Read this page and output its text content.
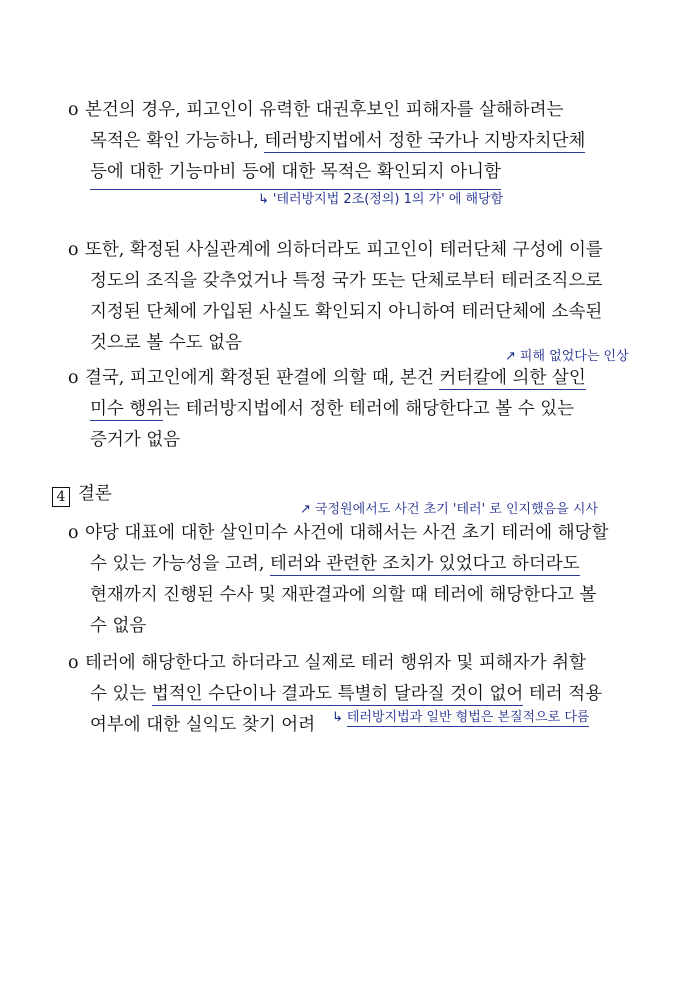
o 본건의 경우, 피고인이 유력한 대권후보인 피해자를 살해하려는
목적은 확인 가능하나, 테러방지법에서 정한 국가나 지방자치단체
등에 대한 기능마비 등에 대한 목적은 확인되지 아니함
↳ '테러방지법 2조(정의) 1의 가' 에 해당함
o 또한, 확정된 사실관계에 의하더라도 피고인이 테러단체 구성에 이를
정도의 조직을 갖추었거나 특정 국가 또는 단체로부터 테러조직으로
지정된 단체에 가입된 사실도 확인되지 아니하여 테러단체에 소속된
것으로 볼 수도 없음
↗ 피해 없었다는 인상
o 결국, 피고인에게 확정된 판결에 의할 때, 본건 커터칼에 의한 살인
미수 행위는 테러방지법에서 정한 테러에 해당한다고 볼 수 있는
증거가 없음
4 결론
↗ 국정원에서도 사건 초기 '테러' 로 인지했음을 시사
o 야당 대표에 대한 살인미수 사건에 대해서는 사건 초기 테러에 해당할
수 있는 가능성을 고려, 테러와 관련한 조치가 있었다고 하더라도
현재까지 진행된 수사 및 재판결과에 의할 때 테러에 해당한다고 볼
수 없음
o 테러에 해당한다고 하더라고 실제로 테러 행위자 및 피해자가 취할
수 있는 법적인 수단이나 결과도 특별히 달라질 것이 없어 테러 적용
여부에 대한 실익도 찾기 어려 ↳ 테러방지법과 일반 형법은 본질적으로 다름
